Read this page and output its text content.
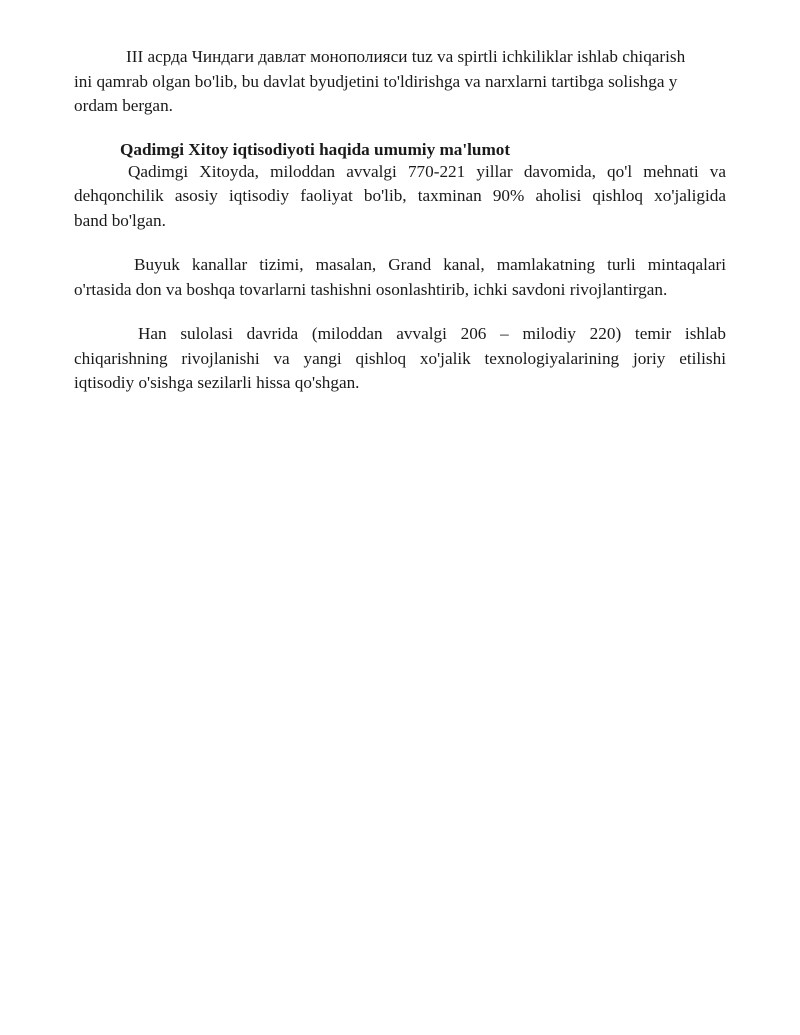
III асрда Чиндаги давлат монополияси tuz va spirtli ichkiliklar ishlab chiqarish
ini qamrab olgan bo'lib, bu davlat byudjetini to'ldirishga va narxlarni tartibga solishga y
ordam bergan.

Qadimgi Xitoy iqtisodiyoti haqida umumiy ma'lumot

Qadimgi Xitoyda, miloddan avvalgi 770-221 yillar davomida, qo'l mehnati va
dehqonchilik asosiy iqtisodiy faoliyat bo'lib, taxminan 90% aholisi qishloq xo'jaligida
band bo'lgan.

Buyuk kanallar tizimi, masalan, Grand kanal, mamlakatning turli mintaqalari
o'rtasida don va boshqa tovarlarni tashishni osonlashtirib, ichki savdoni rivojlantirgan.

Han sulolasi davrida (miloddan avvalgi 206 – milodiy 220) temir ishlab
chiqarishning rivojlanishi va yangi qishloq xo'jalik texnologiyalarining joriy etilishi
iqtisodiy o'sishga sezilarli hissa qo'shgan.
